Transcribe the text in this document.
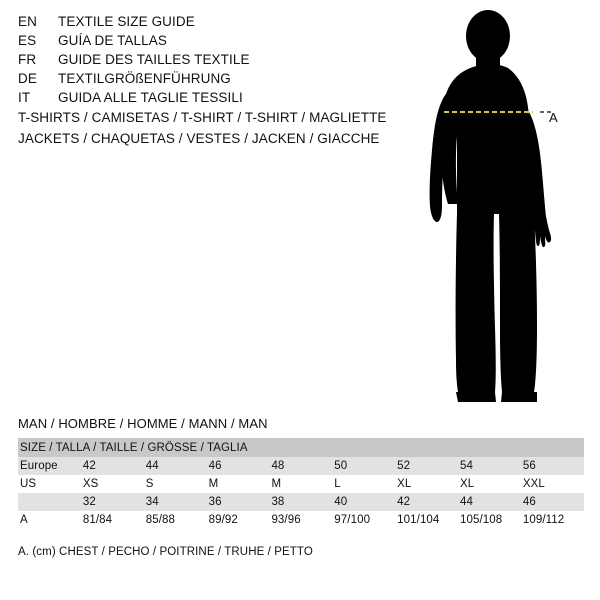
EN	TEXTILE SIZE GUIDE
ES	GUÍA DE TALLAS
FR	GUIDE DES TAILLES TEXTILE
DE	TEXTILGRÖßENFÜHRUNG
IT	GUIDA ALLE TAGLIE TESSILI
T-SHIRTS / CAMISETAS / T-SHIRT / T-SHIRT / MAGLIETTE
JACKETS / CHAQUETAS / VESTES / JACKEN / GIACCHE
A
MAN / HOMBRE / HOMME / MANN / MAN
SIZE / TALLA / TAILLE / GRÖSSE / TAGLIA								

Europe	42	44	46	48	50	52	54	56

US	XS	S	M	M	L	XL	XL	XXL

	32	34	36	38	40	42	44	46

A	81/84	85/88	89/92	93/96	97/100	101/104	105/108	109/112
A. (cm) CHEST / PECHO / POITRINE / TRUHE / PETTO
